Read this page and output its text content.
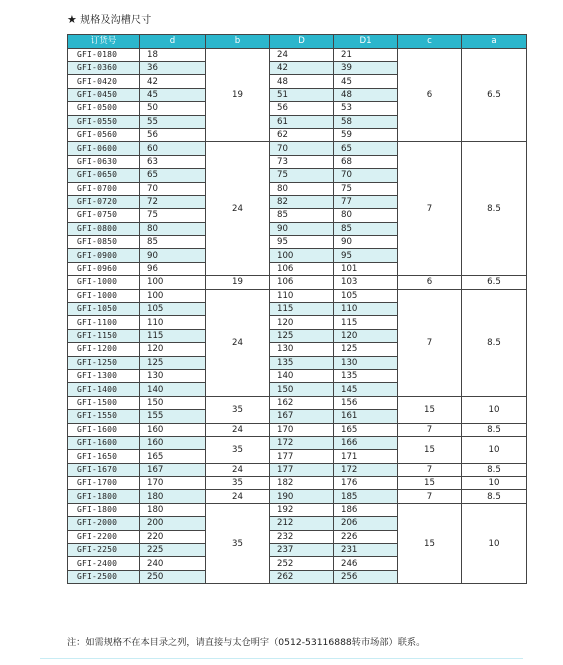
★ 规格及沟槽尺寸
订货号	d	b	D	D1	c	a
GFI-0180	18	19	24	21	6	6.5
GFI-0360	36		42	39		
GFI-0420	42		48	45		
GFI-0450	45		51	48		
GFI-0500	50		56	53		
GFI-0550	55		61	58		
GFI-0560	56		62	59		
GFI-0600	60	24	70	65	7	8.5
GFI-0630	63		73	68		
GFI-0650	65		75	70		
GFI-0700	70		80	75		
GFI-0720	72		82	77		
GFI-0750	75		85	80		
GFI-0800	80		90	85		
GFI-0850	85		95	90		
GFI-0900	90		100	95		
GFI-0960	96		106	101		
GFI-1000	100	19	106	103	6	6.5
GFI-1000	100	24	110	105	7	8.5
GFI-1050	105		115	110		
GFI-1100	110		120	115		
GFI-1150	115		125	120		
GFI-1200	120		130	125		
GFI-1250	125		135	130		
GFI-1300	130		140	135		
GFI-1400	140		150	145		
GFI-1500	150	35	162	156	15	10
GFI-1550	155		167	161		
GFI-1600	160	24	170	165	7	8.5
GFI-1600	160	35	172	166	15	10
GFI-1650	165		177	171		
GFI-1670	167	24	177	172	7	8.5
GFI-1700	170	35	182	176	15	10
GFI-1800	180	24	190	185	7	8.5
GFI-1800	180	35	192	186	15	10
GFI-2000	200		212	206		
GFI-2200	220		232	226		
GFI-2250	225		237	231		
GFI-2400	240		252	246		
GFI-2500	250		262	256		
注：如需规格不在本目录之列，请直接与太仓明宇（0512-53116888转市场部）联系。
